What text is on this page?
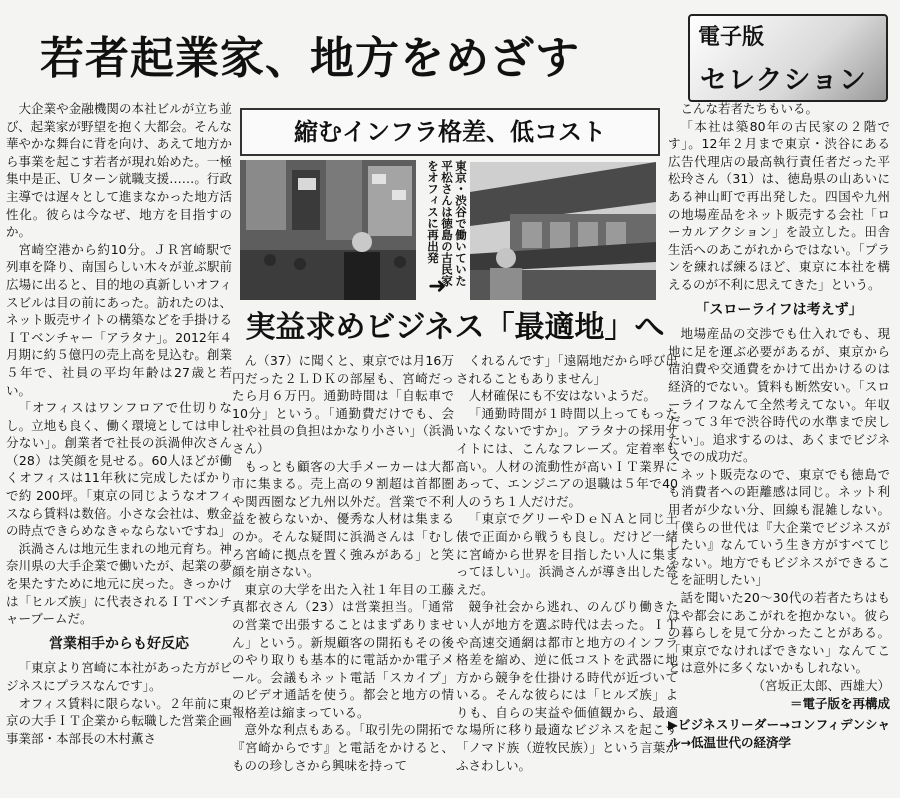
若者起業家、地方をめざす	電子版
セレクション
縮むインフラ格差、低コスト
東京・渋谷で働いていた
平松さんは徳島の古民家
をオフィスに再出発
➜
実益求めビジネス「最適地」へ

大企業や金融機関の本社ビルが立ち並び、起業家が野望を抱く大都会。そんな華やかな舞台に背を向け、あえて地方から事業を起こす若者が現れ始めた。一極集中是正、Ｕターン就職支援……。行政主導では遅々として進まなかった地方活性化。彼らは今なぜ、地方を目指すのか。

宮崎空港から約10分。ＪＲ宮崎駅で列車を降り、南国らしい木々が並ぶ駅前広場に出ると、目的地の真新しいオフィスビルは目の前にあった。訪れたのは、ネット販売サイトの構築などを手掛けるＩＴベンチャー「アラタナ」。2012年４月期に約５億円の売上高を見込む。創業５年で、社員の平均年齢は27歳と若い。

「オフィスはワンフロアで仕切りなし。立地も良く、働く環境としては申し分ない」。創業者で社長の浜渦伸次さん（28）は笑顔を見せる。60人ほどが働くオフィスは11年秋に完成したばかりで約 200坪。「東京の同じようなオフィスなら賃料は数倍。小さな会社は、敷金の時点できらめなきゃならないですね」

浜渦さんは地元生まれの地元育ち。神奈川県の大手企業で働いたが、起業の夢を果たすために地元に戻った。きっかけは「ヒルズ族」に代表されるＩＴベンチャーブームだ。

営業相手からも好反応

「東京より宮崎に本社があった方がビジネスにプラスなんです」。

オフィス賃料に限らない。２年前に東京の大手ＩＴ企業から転職した営業企画事業部・本部長の木村薫さ

ん（37）に聞くと、東京では月16万円だった２ＬＤＫの部屋も、宮崎だったら月６万円。通勤時間は「自転車で10分」という。「通勤費だけでも、会社や社員の負担はかなり小さい」（浜渦さん）

もっとも顧客の大手メーカーは大都市に集まる。売上高の９割超は首都圏や関西圏など九州以外だ。営業で不利益を被らないか、優秀な人材は集まるのか。そんな疑問に浜渦さんは「むしろ宮崎に拠点を置く強みがある」と笑顔を崩さない。

東京の大学を出た入社１年目の工藤真都衣さん（23）は営業担当。「通常の営業で出張することはまずありません」という。新規顧客の開拓もその後のやり取りも基本的に電話かか電子メール。会議もネット電話「スカイプ」のビデオ通話を使う。都会と地方の情報格差は縮まっている。

意外な利点もある。「取引先の開拓で『宮崎からです』と電話をかけると、ものの珍しさから興味を持って

くれるんです」「遠隔地だから呼び出されることもありません」

人材確保にも不安はないようだ。

「通勤時間が１時間以上ってもったいなくないですか」。アラタナの採用サイトには、こんなフレーズ。定着率も高い。人材の流動性が高いＩＴ業界にあって、エンジニアの退職は５年で40人のうち１人だけだ。

「東京でグリーやＤｅＮＡと同じ土俵で正面から戦うも良し。だけど一緒に宮崎から世界を目指したい人に集まってほしい」。浜渦さんが導き出した答えだ。

競争社会から逃れ、のんびり働きたい人が地方を選ぶ時代は去った。ＩＴや高速交通網は都市と地方のインフラ格差を縮め、逆に低コストを武器に地方から競争を仕掛ける時代が近づいている。そんな彼らには「ヒルズ族」よりも、自らの実益や価値観から、最適な場所に移り最適なビジネスを起こす「ノマド族（遊牧民族）」という言葉がふさわしい。

こんな若者たちもいる。

「本社は築80年の古民家の２階です」。12年２月まで東京・渋谷にある広告代理店の最高執行責任者だった平松玲さん（31）は、徳島県の山あいにある神山町で再出発した。四国や九州の地場産品をネット販売する会社「ローカルアクション」を設立した。田舎生活へのあこがれからではない。「プランを練れば練るほど、東京に本社を構えるのが不利に思えてきた」という。

「スローライフは考えず」

地場産品の交渉でも仕入れでも、現地に足を運ぶ必要があるが、東京から宿泊費や交通費をかけて出かけるのは経済的でない。賃料も断然安い。「スローライフなんて全然考えてない。年収だって３年で渋谷時代の水準まで戻したい」。追求するのは、あくまでビジネスでの成功だ。

ネット販売なので、東京でも徳島でも消費者への距離感は同じ。ネット利用者が少ない分、回線も混雑しない。「僕らの世代は『大企業でビジネスがしたい』なんていう生き方がすべてじゃない。地方でもビジネスができることを証明したい」

話を聞いた20～30代の若者たちはもはや都会にあこがれを抱かない。彼らの暮らしを見て分かったことがある。「東京でなければできない」なんてことは意外に多くないかもしれない。

（宮坂正太郎、西雄大）

＝電子版を再構成

▶ビジネスリーダー→コンフィデンシャル→低温世代の経済学
